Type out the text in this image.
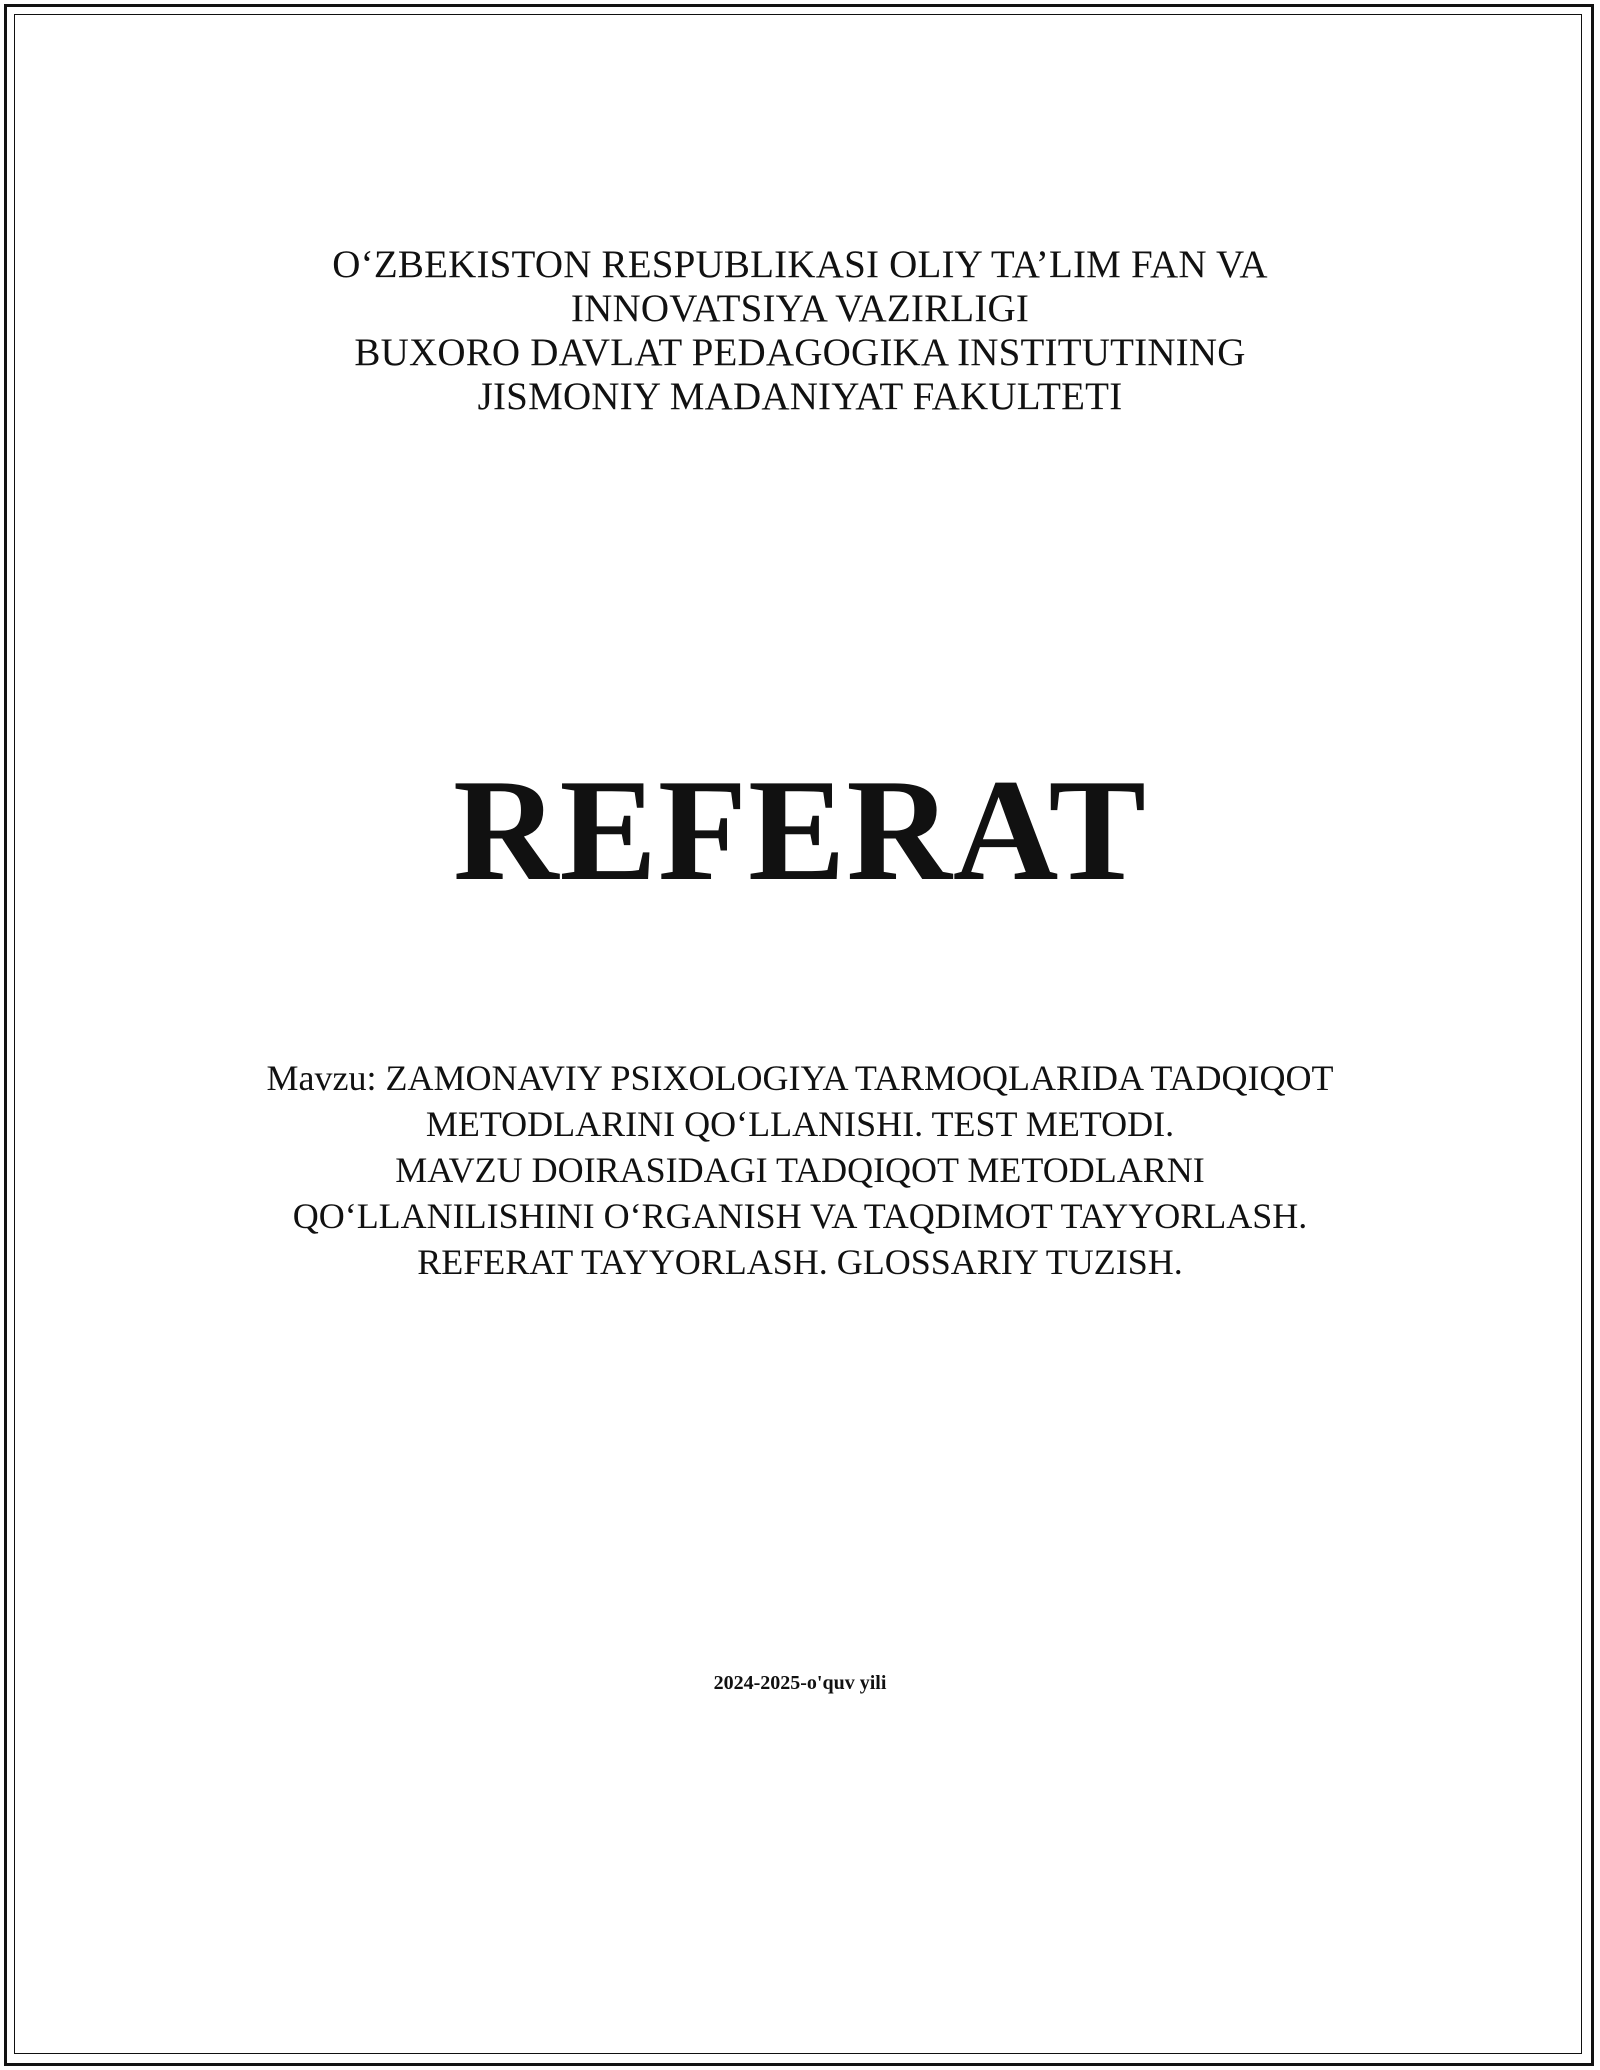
O‘ZBEKISTON RESPUBLIKASI OLIY TA’LIM FAN VA
INNOVATSIYA VAZIRLIGI
BUXORO DAVLAT PEDAGOGIKA INSTITUTINING
JISMONIY MADANIYAT FAKULTETI
REFERAT
Mavzu: ZAMONAVIY PSIXOLOGIYA TARMOQLARIDA TADQIQOT
METODLARINI QO‘LLANISHI. TEST METODI.
MAVZU DOIRASIDAGI TADQIQOT METODLARNI
QO‘LLANILISHINI O‘RGANISH VA TAQDIMOT TAYYORLASH.
REFERAT TAYYORLASH. GLOSSARIY TUZISH.
2024-2025-o'quv yili
